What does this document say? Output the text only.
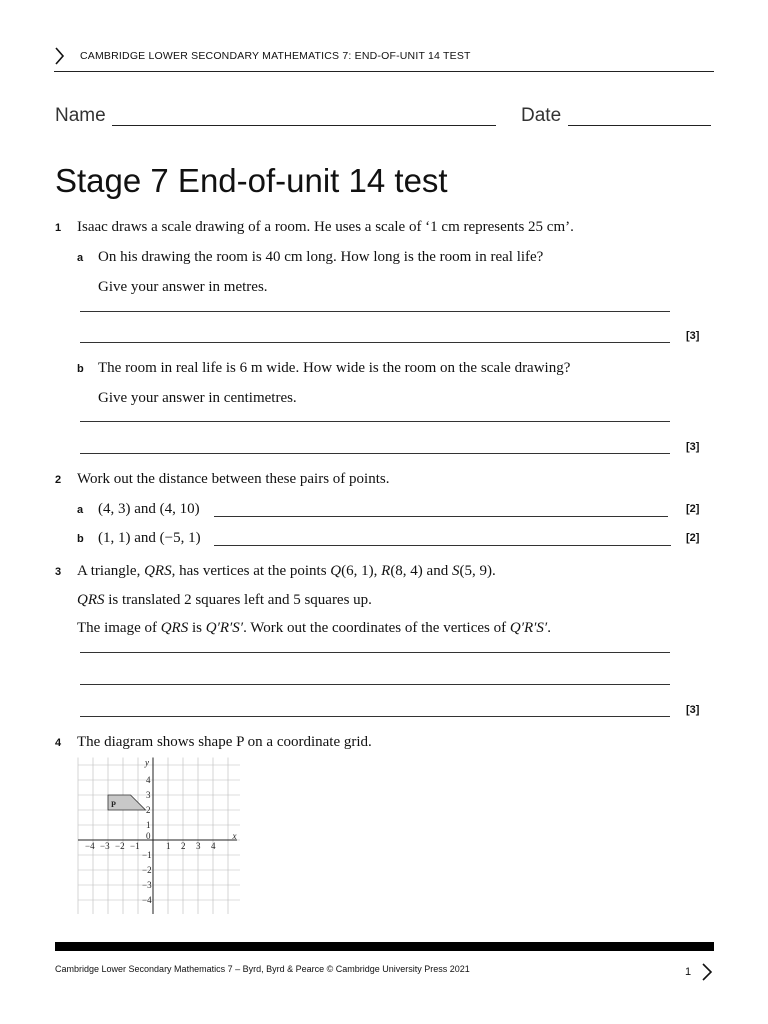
CAMBRIDGE LOWER SECONDARY MATHEMATICS 7: END-OF-UNIT 14 TEST
Name	Date
Stage 7 End-of-unit 14 test
1 Isaac draws a scale drawing of a room. He uses a scale of ‘1 cm represents 25 cm’.
a On his drawing the room is 40 cm long. How long is the room in real life?
Give your answer in metres.
[3]
b The room in real life is 6 m wide. How wide is the room on the scale drawing?
Give your answer in centimetres.
[3]
2 Work out the distance between these pairs of points.
a (4, 3) and (4, 10)	[2]
b (1, 1) and (−5, 1)	[2]
3 A triangle, QRS, has vertices at the points Q(6, 1), R(8, 4) and S(5, 9).
QRS is translated 2 squares left and 5 squares up.
The image of QRS is Q′R′S′. Work out the coordinates of the vertices of Q′R′S′.
[3]
4 The diagram shows shape P on a coordinate grid.
−4 −3 −2 −1	1 2 3 4
4
3
2
1
−1
−2
−3
−4
0	x
y
P
Cambridge Lower Secondary Mathematics 7 – Byrd, Byrd & Pearce © Cambridge University Press 2021	1
